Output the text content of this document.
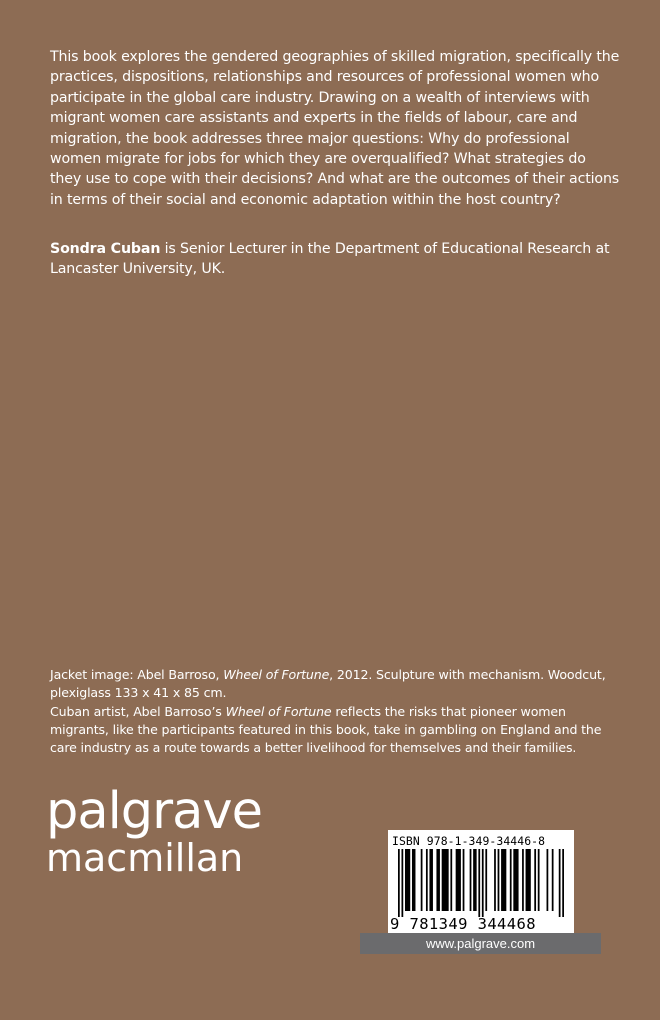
This book explores the gendered geographies of skilled migration, specifically the practices, dispositions, relationships and resources of professional women who participate in the global care industry. Drawing on a wealth of interviews with migrant women care assistants and experts in the fields of labour, care and migration, the book addresses three major questions: Why do professional women migrate for jobs for which they are overqualified? What strategies do they use to cope with their decisions? And what are the outcomes of their actions in terms of their social and economic adaptation within the host country?

Sondra Cuban is Senior Lecturer in the Department of Educational Research at Lancaster University, UK.

Jacket image: Abel Barroso, Wheel of Fortune, 2012. Sculpture with mechanism. Woodcut, plexiglass 133 x 41 x 85 cm.
Cuban artist, Abel Barroso’s Wheel of Fortune reflects the risks that pioneer women migrants, like the participants featured in this book, take in gambling on England and the care industry as a route towards a better livelihood for themselves and their families.

palgrave
macmillan	ISBN 978-1-349-34446-8
9 781349 344468
www.palgrave.com
